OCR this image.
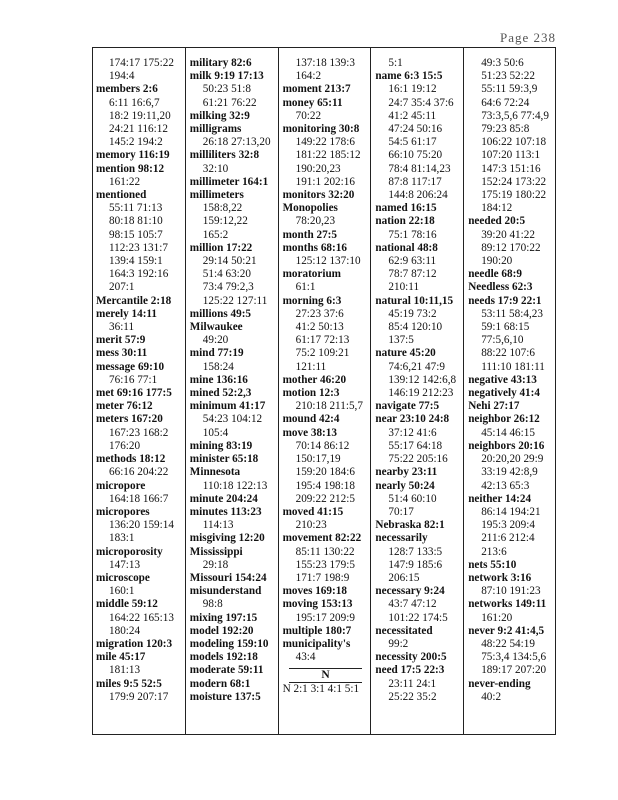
Page 238
174:17 175:22
194:4
members 2:6
6:11 16:6,7
18:2 19:11,20
24:21 116:12
145:2 194:2
memory 116:19
mention 98:12
161:22
mentioned
55:11 71:13
80:18 81:10
98:15 105:7
112:23 131:7
139:4 159:1
164:3 192:16
207:1
Mercantile 2:18
merely 14:11
36:11
merit 57:9
mess 30:11
message 69:10
76:16 77:1
met 69:16 177:5
meter 76:12
meters 167:20
167:23 168:2
176:20
methods 18:12
66:16 204:22
micropore
164:18 166:7
micropores
136:20 159:14
183:1
microporosity
147:13
microscope
160:1
middle 59:12
164:22 165:13
180:24
migration 120:3
mile 45:17
181:13
miles 9:5 52:5
179:9 207:17
military 82:6
milk 9:19 17:13
50:23 51:8
61:21 76:22
milking 32:9
milligrams
26:18 27:13,20
milliliters 32:8
32:10
millimeter 164:1
millimeters
158:8,22
159:12,22
165:2
million 17:22
29:14 50:21
51:4 63:20
73:4 79:2,3
125:22 127:11
millions 49:5
Milwaukee
49:20
mind 77:19
158:24
mine 136:16
mined 52:2,3
minimum 41:17
54:23 104:12
105:4
mining 83:19
minister 65:18
Minnesota
110:18 122:13
minute 204:24
minutes 113:23
114:13
misgiving 12:20
Mississippi
29:18
Missouri 154:24
misunderstand
98:8
mixing 197:15
model 192:20
modeling 159:10
models 192:18
moderate 59:11
modern 68:1
moisture 137:5
137:18 139:3
164:2
moment 213:7
money 65:11
70:22
monitoring 30:8
149:22 178:6
181:22 185:12
190:20,23
191:1 202:16
monitors 32:20
Monopolies
78:20,23
month 27:5
months 68:16
125:12 137:10
moratorium
61:1
morning 6:3
27:23 37:6
41:2 50:13
61:17 72:13
75:2 109:21
121:11
mother 46:20
motion 12:3
210:18 211:5,7
mound 42:4
move 38:13
70:14 86:12
150:17,19
159:20 184:6
195:4 198:18
209:22 212:5
moved 41:15
210:23
movement 82:22
85:11 130:22
155:23 179:5
171:7 198:9
moves 169:18
moving 153:13
195:17 209:9
multiple 180:7
municipality's
43:4
N
N 2:1 3:1 4:1 5:1
5:1
name 6:3 15:5
16:1 19:12
24:7 35:4 37:6
41:2 45:11
47:24 50:16
54:5 61:17
66:10 75:20
78:4 81:14,23
87:8 117:17
144:8 206:24
named 16:15
nation 22:18
75:1 78:16
national 48:8
62:9 63:11
78:7 87:12
210:11
natural 10:11,15
45:19 73:2
85:4 120:10
137:5
nature 45:20
74:6,21 47:9
139:12 142:6,8
146:19 212:23
navigate 77:5
near 23:10 24:8
37:12 41:6
55:17 64:18
75:22 205:16
nearby 23:11
nearly 50:24
51:4 60:10
70:17
Nebraska 82:1
necessarily
128:7 133:5
147:9 185:6
206:15
necessary 9:24
43:7 47:12
101:22 174:5
necessitated
99:2
necessity 200:5
need 17:5 22:3
23:11 24:1
25:22 35:2
49:3 50:6
51:23 52:22
55:11 59:3,9
64:6 72:24
73:3,5,6 77:4,9
79:23 85:8
106:22 107:18
107:20 113:1
147:3 151:16
152:24 173:22
175:19 180:22
184:12
needed 20:5
39:20 41:22
89:12 170:22
190:20
needle 68:9
Needless 62:3
needs 17:9 22:1
53:11 58:4,23
59:1 68:15
77:5,6,10
88:22 107:6
111:10 181:11
negative 43:13
negatively 41:4
Nehi 27:17
neighbor 26:12
45:14 46:15
neighbors 20:16
20:20,20 29:9
33:19 42:8,9
42:13 65:3
neither 14:24
86:14 194:21
195:3 209:4
211:6 212:4
213:6
nets 55:10
network 3:16
87:10 191:23
networks 149:11
161:20
never 9:2 41:4,5
48:22 54:19
75:3,4 134:5,6
189:17 207:20
never-ending
40:2
